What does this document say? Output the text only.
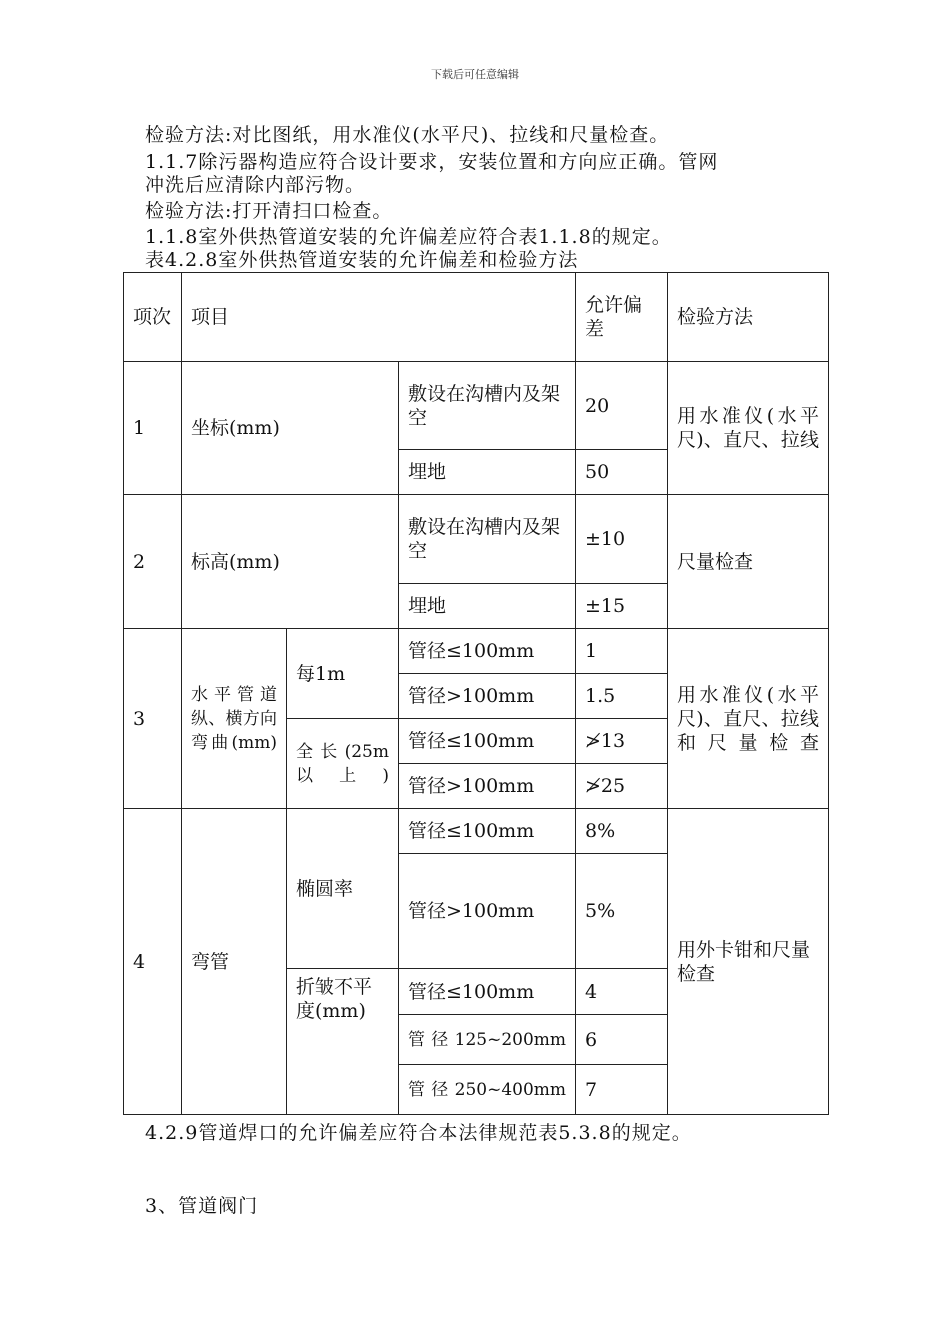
下载后可任意编辑
检验方法:对比图纸，用水准仪(水平尺)、拉线和尺量检查。
1.1.7除污器构造应符合设计要求，安装位置和方向应正确。管网
冲洗后应清除内部污物。
检验方法:打开清扫口检查。
1.1.8室外供热管道安装的允许偏差应符合表1.1.8的规定。
表4.2.8室外供热管道安装的允许偏差和检验方法
项次	项目			允许偏差	检验方法
1	坐标(mm)		敷设在沟槽内及架空	20	用水准仪(水平尺)、直尺、拉线
			埋地	50	
2	标高(mm)		敷设在沟槽内及架空	±10	尺量检查
			埋地	±15	
3	水平管道纵、横方向弯曲(mm)	每1m	管径≤100mm	1	用水准仪(水平尺)、直尺、拉线和尺量检查
			管径>100mm	1.5	
		全长(25m以上)	管径≤100mm	≯13	
			管径>100mm	≯25	
4	弯管	椭圆率	管径≤100mm	8%	用外卡钳和尺量检查
			管径>100mm	5%	
		折皱不平度(mm)	管径≤100mm	4	
			管径125~200mm	6	
			管径250~400mm	7	
4.2.9管道焊口的允许偏差应符合本法律规范表5.3.8的规定。
3、管道阀门
